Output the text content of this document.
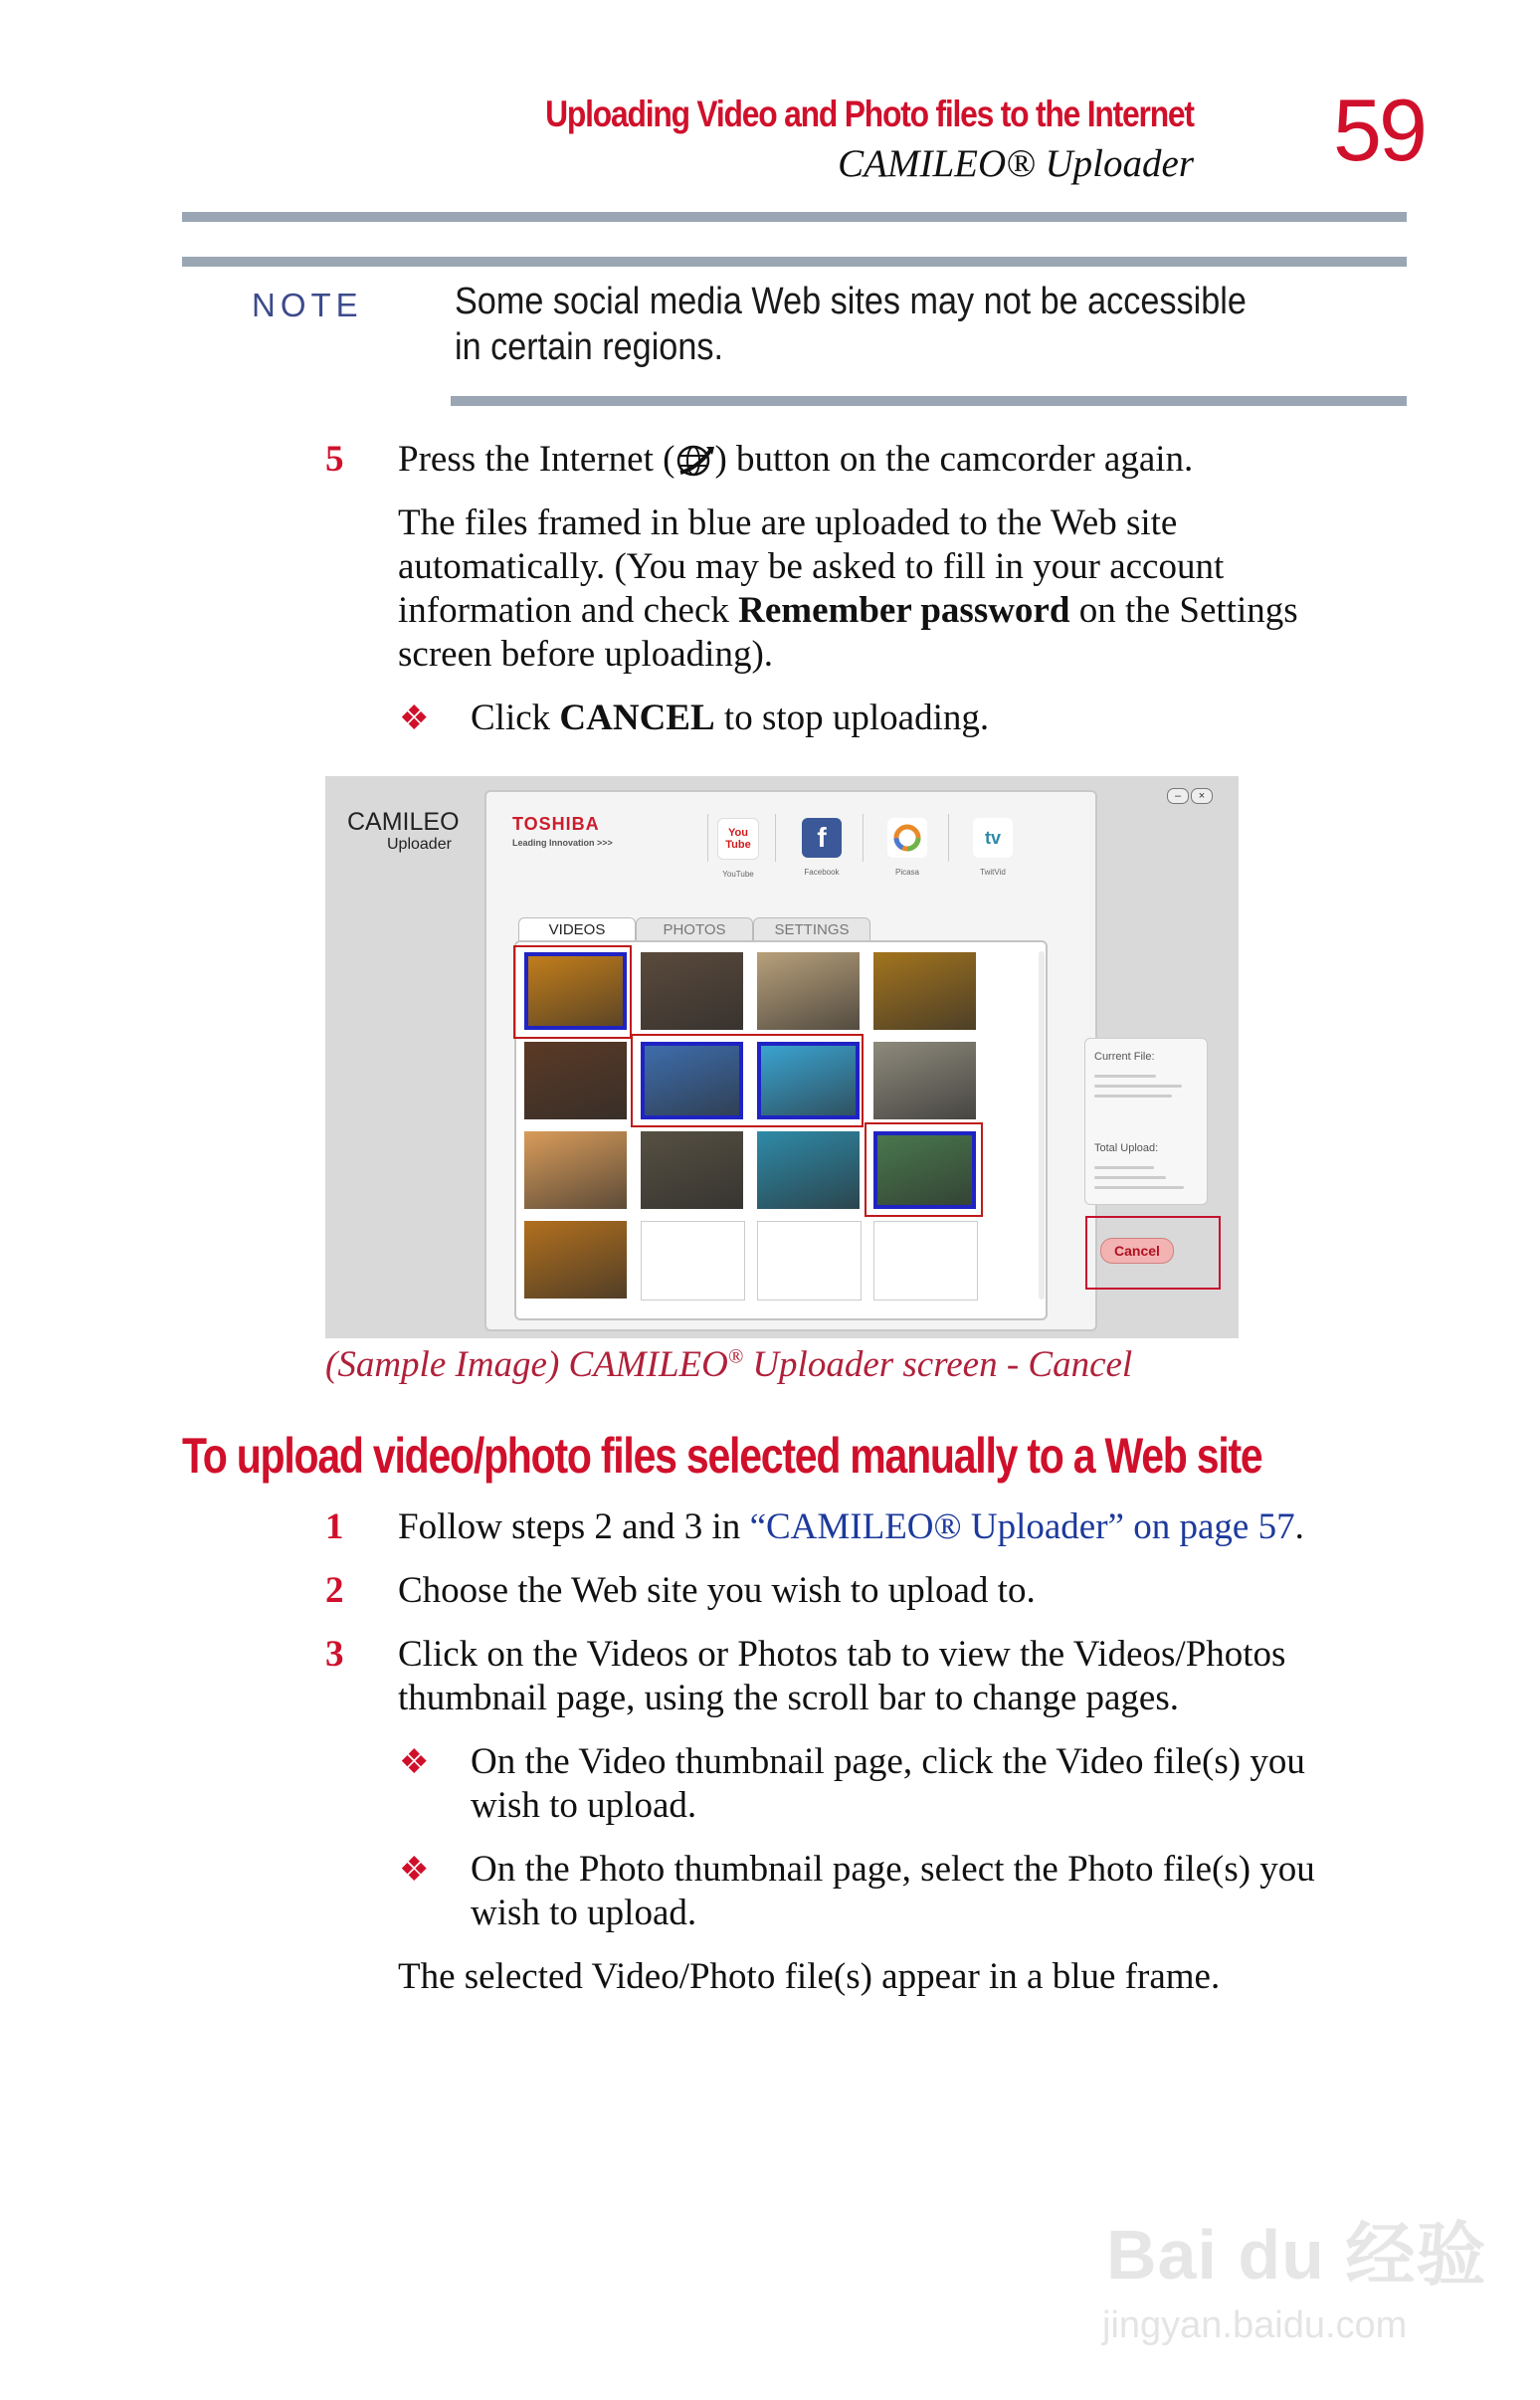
Uploading Video and Photo files to the Internet
CAMILEO® Uploader 59
NOTE Some social media Web sites may not be accessible in certain regions.
5 Press the Internet ( ) button on the camcorder again.
The files framed in blue are uploaded to the Web site
automatically. (You may be asked to fill in your account
information and check Remember password on the Settings
screen before uploading).
❖ Click CANCEL to stop uploading.
CAMILEO
Uploader
–	×
TOSHIBA
Leading Innovation >>>
You
Tube
YouTube
f
Facebook	Picasa
tv
TwitVid
VIDEOS	PHOTOS	SETTINGS
Current File:
Total Upload:
Cancel
(Sample Image) CAMILEO® Uploader screen - Cancel
To upload video/photo files selected manually to a Web site
1 Follow steps 2 and 3 in “CAMILEO® Uploader” on page 57.
2 Choose the Web site you wish to upload to.
3 Click on the Videos or Photos tab to view the Videos/Photos
thumbnail page, using the scroll bar to change pages.
❖ On the Video thumbnail page, click the Video file(s) you
wish to upload.
❖ On the Photo thumbnail page, select the Photo file(s) you
wish to upload.
The selected Video/Photo file(s) appear in a blue frame.
Bai du 经验
jingyan.baidu.com
